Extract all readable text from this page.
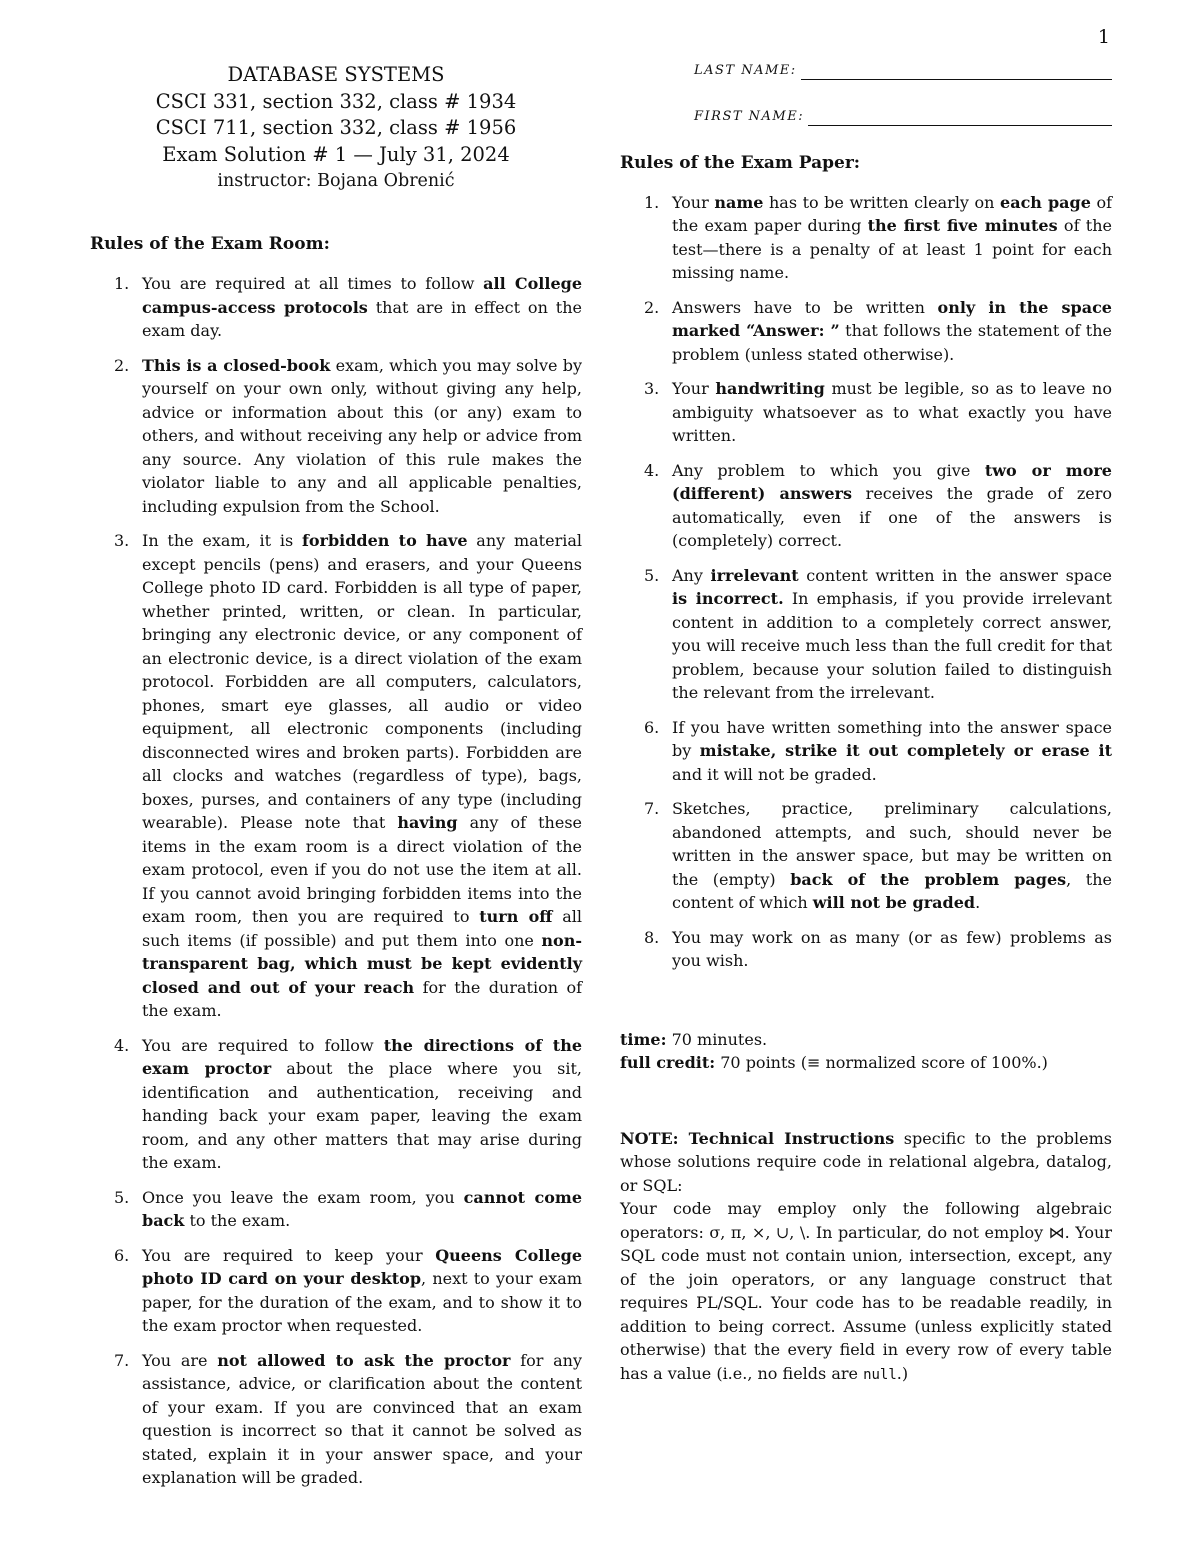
1
DATABASE SYSTEMS
CSCI 331, section 332, class # 1934
CSCI 711, section 332, class # 1956
Exam Solution # 1 — July 31, 2024
instructor: Bojana Obrenić

Rules of the Exam Room:

1. You are required at all times to follow all College campus-access protocols that are in effect on the exam day.
2. This is a closed-book exam, which you may solve by yourself on your own only, without giving any help, advice or information about this (or any) exam to others, and without receiving any help or advice from any source. Any violation of this rule makes the violator liable to any and all applicable penalties, including expulsion from the School.
3. In the exam, it is forbidden to have any material except pencils (pens) and erasers, and your Queens College photo ID card. Forbidden is all type of paper, whether printed, written, or clean. In particular, bringing any electronic device, or any component of an electronic device, is a direct violation of the exam protocol. Forbidden are all computers, calculators, phones, smart eye glasses, all audio or video equipment, all electronic components (including disconnected wires and broken parts). Forbidden are all clocks and watches (regardless of type), bags, boxes, purses, and containers of any type (including wearable). Please note that having any of these items in the exam room is a direct violation of the exam protocol, even if you do not use the item at all. If you cannot avoid bringing forbidden items into the exam room, then you are required to turn off all such items (if possible) and put them into one non-transparent bag, which must be kept evidently closed and out of your reach for the duration of the exam.
4. You are required to follow the directions of the exam proctor about the place where you sit, identification and authentication, receiving and handing back your exam paper, leaving the exam room, and any other matters that may arise during the exam.
5. Once you leave the exam room, you cannot come back to the exam.
6. You are required to keep your Queens College photo ID card on your desktop, next to your exam paper, for the duration of the exam, and to show it to the exam proctor when requested.
7. You are not allowed to ask the proctor for any assistance, advice, or clarification about the content of your exam. If you are convinced that an exam question is incorrect so that it cannot be solved as stated, explain it in your answer space, and your explanation will be graded.
LAST NAME:
FIRST NAME:

Rules of the Exam Paper:

1. Your name has to be written clearly on each page of the exam paper during the first five minutes of the test—there is a penalty of at least 1 point for each missing name.
2. Answers have to be written only in the space marked “Answer: ” that follows the statement of the problem (unless stated otherwise).
3. Your handwriting must be legible, so as to leave no ambiguity whatsoever as to what exactly you have written.
4. Any problem to which you give two or more (different) answers receives the grade of zero automatically, even if one of the answers is (completely) correct.
5. Any irrelevant content written in the answer space is incorrect. In emphasis, if you provide irrelevant content in addition to a completely correct answer, you will receive much less than the full credit for that problem, because your solution failed to distinguish the relevant from the irrelevant.
6. If you have written something into the answer space by mistake, strike it out completely or erase it and it will not be graded.
7. Sketches, practice, preliminary calculations, abandoned attempts, and such, should never be written in the answer space, but may be written on the (empty) back of the problem pages, the content of which will not be graded.
8. You may work on as many (or as few) problems as you wish.

time: 70 minutes.

full credit: 70 points (≡ normalized score of 100%.)

NOTE: Technical Instructions specific to the problems whose solutions require code in relational algebra, datalog, or SQL:

Your code may employ only the following algebraic operators: σ, π, ×, ∪, \. In particular, do not employ ⋈. Your SQL code must not contain union, intersection, except, any of the join operators, or any language construct that requires PL/SQL. Your code has to be readable readily, in addition to being correct. Assume (unless explicitly stated otherwise) that the every field in every row of every table has a value (i.e., no fields are null.)
